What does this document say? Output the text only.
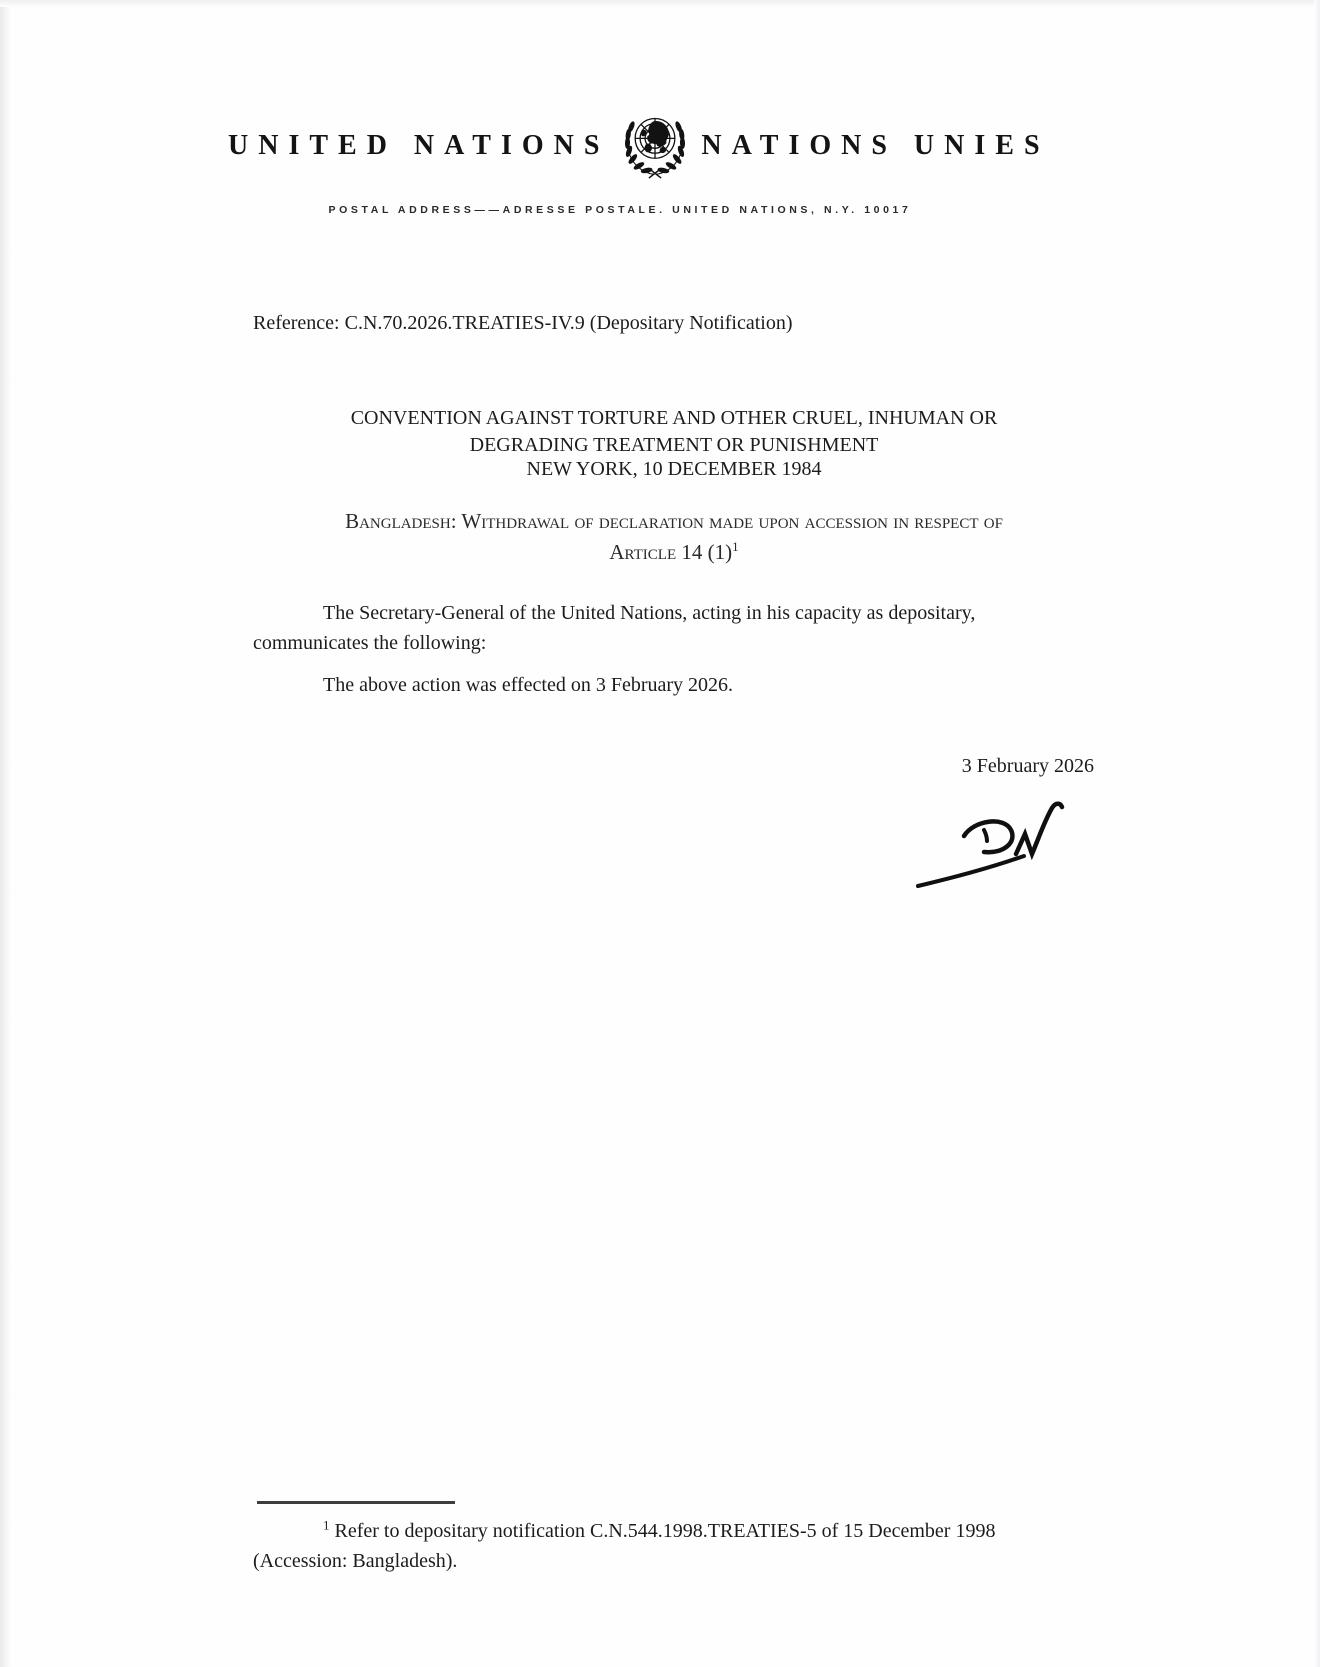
UNITED NATIONS	NATIONS UNIES
POSTAL ADDRESS——ADRESSE POSTALE. UNITED NATIONS, N.Y. 10017
Reference: C.N.70.2026.TREATIES-IV.9 (Depositary Notification)
CONVENTION AGAINST TORTURE AND OTHER CRUEL, INHUMAN OR
DEGRADING TREATMENT OR PUNISHMENT
NEW YORK, 10 DECEMBER 1984
Bangladesh: Withdrawal of declaration made upon accession in respect of
Article 14 $(1)^1$
The Secretary-General of the United Nations, acting in his capacity as depositary,
communicates the following:
The above action was effected on 3 February 2026.
3 February 2026
$^1$ Refer to depositary notification C.N.544.1998.TREATIES-5 of 15 December 1998
(Accession: Bangladesh).
